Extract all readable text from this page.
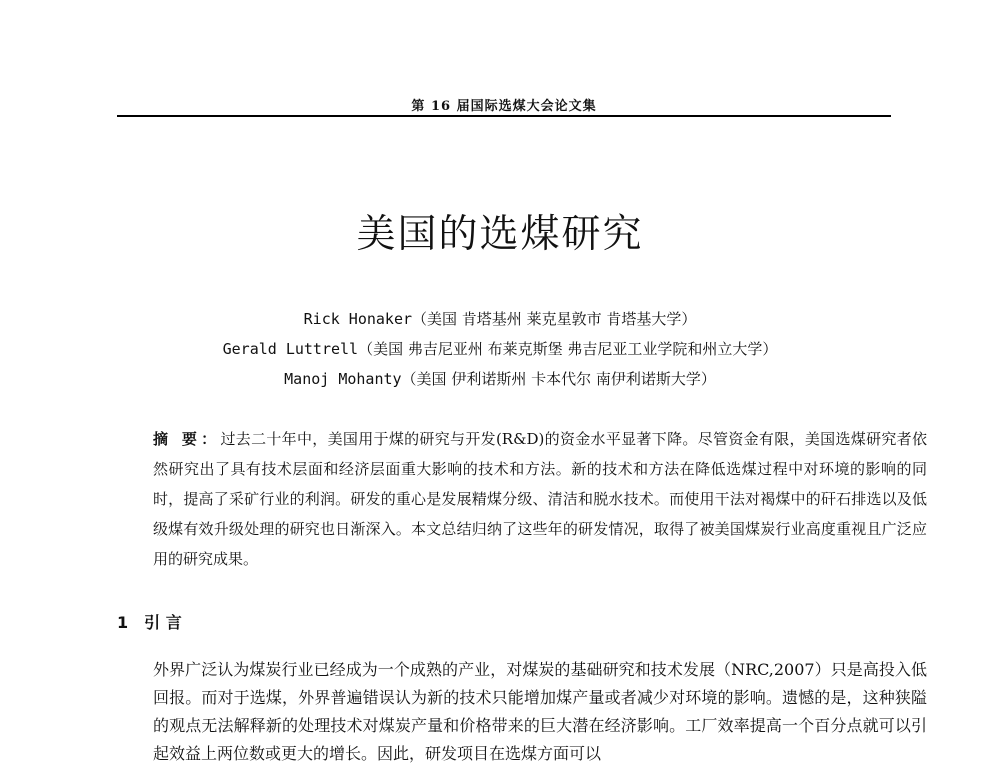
第 16 届国际选煤大会论文集
美国的选煤研究
Rick Honaker（美国 肯塔基州 莱克星敦市 肯塔基大学）
Gerald Luttrell（美国 弗吉尼亚州 布莱克斯堡 弗吉尼亚工业学院和州立大学）
Manoj Mohanty（美国 伊利诺斯州 卡本代尔 南伊利诺斯大学）
摘 要：过去二十年中，美国用于煤的研究与开发(R&D)的资金水平显著下降。尽管资金有限，美国选煤研究者依然研究出了具有技术层面和经济层面重大影响的技术和方法。新的技术和方法在降低选煤过程中对环境的影响的同时，提高了采矿行业的利润。研发的重心是发展精煤分级、清洁和脱水技术。而使用干法对褐煤中的矸石排选以及低级煤有效升级处理的研究也日渐深入。本文总结归纳了这些年的研发情况，取得了被美国煤炭行业高度重视且广泛应用的研究成果。
1 引 言
外界广泛认为煤炭行业已经成为一个成熟的产业，对煤炭的基础研究和技术发展（NRC,2007）只是高投入低回报。而对于选煤，外界普遍错误认为新的技术只能增加煤产量或者减少对环境的影响。遗憾的是，这种狭隘的观点无法解释新的处理技术对煤炭产量和价格带来的巨大潜在经济影响。工厂效率提高一个百分点就可以引起效益上两位数或更大的增长。因此，研发项目在选煤方面可以
